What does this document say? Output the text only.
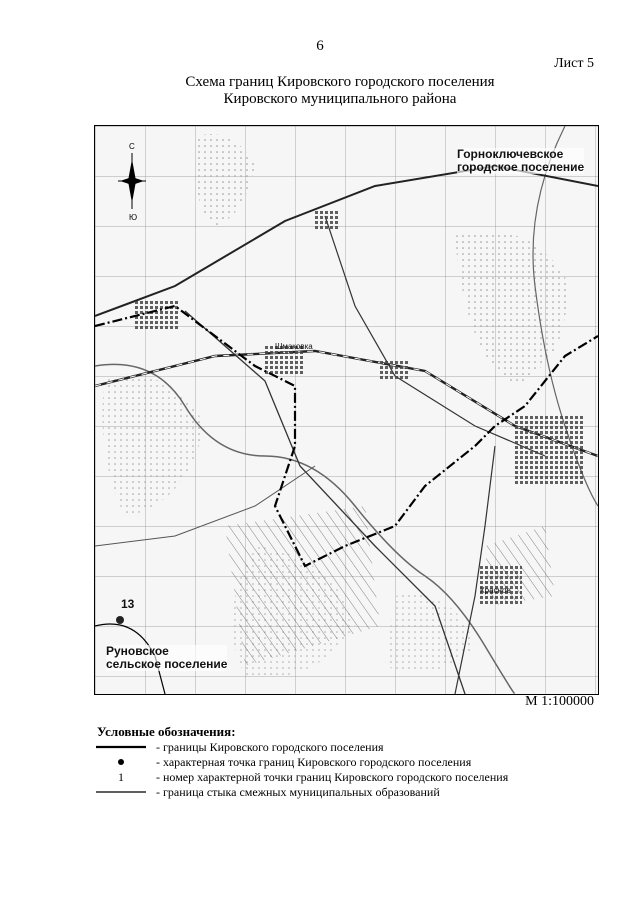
6
Лист 5
Схема границ Кировского городского поселения
Кировского муниципального района
С
Ю
Горноключевское
городское поселение
Руновское
сельское поселение
13
Шмаковка
Красное
М 1:100000
Условные обозначения:
- границы Кировского городского поселения
- характерная точка границ Кировского городского поселения
1	- номер характерной точки границ Кировского городского поселения
- граница стыка смежных муниципальных образований
